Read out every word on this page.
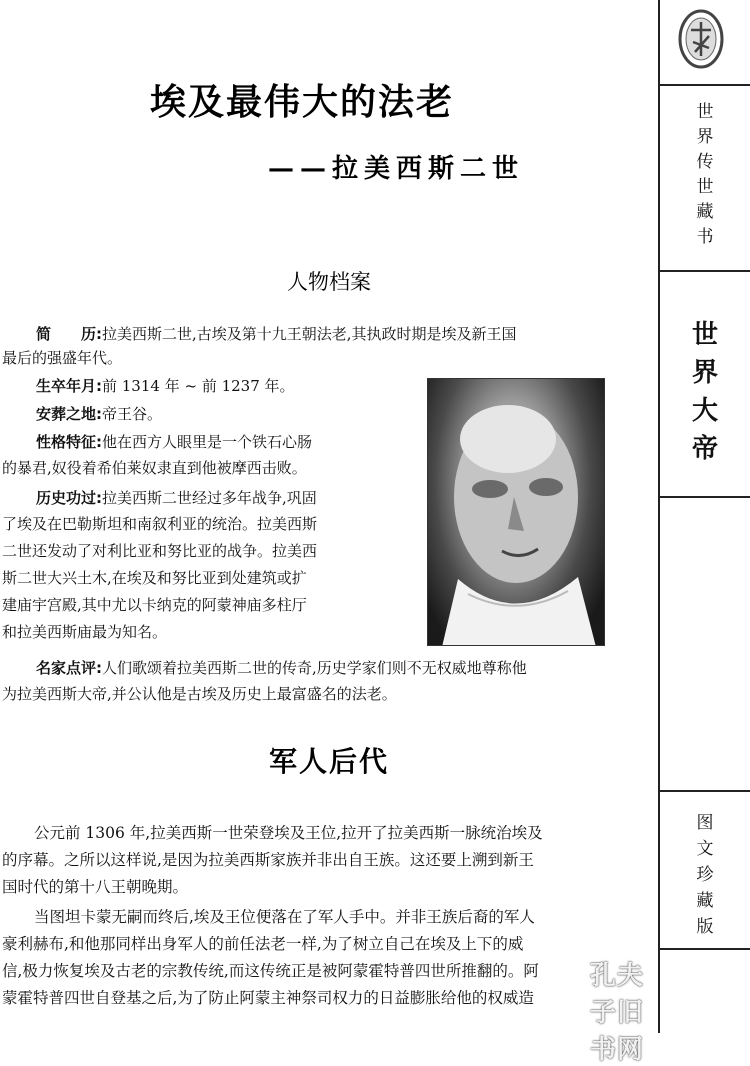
埃及最伟大的法老
——拉美西斯二世
人物档案
简　　历:拉美西斯二世,古埃及第十九王朝法老,其执政时期是埃及新王国
最后的强盛年代。
生卒年月:前 1314 年 ~ 前 1237 年。
安葬之地:帝王谷。
性格特征:他在西方人眼里是一个铁石心肠
的暴君,奴役着希伯莱奴隶直到他被摩西击败。
历史功过:拉美西斯二世经过多年战争,巩固
了埃及在巴勒斯坦和南叙利亚的统治。拉美西斯
二世还发动了对利比亚和努比亚的战争。拉美西
斯二世大兴土木,在埃及和努比亚到处建筑或扩
建庙宇宫殿,其中尤以卡纳克的阿蒙神庙多柱厅
和拉美西斯庙最为知名。
名家点评:人们歌颂着拉美西斯二世的传奇,历史学家们则不无权威地尊称他
为拉美西斯大帝,并公认他是古埃及历史上最富盛名的法老。
军人后代
公元前 1306 年,拉美西斯一世荣登埃及王位,拉开了拉美西斯一脉统治埃及
的序幕。之所以这样说,是因为拉美西斯家族并非出自王族。这还要上溯到新王
国时代的第十八王朝晚期。
当图坦卡蒙无嗣而终后,埃及王位便落在了军人手中。并非王族后裔的军人
豪利赫布,和他那同样出身军人的前任法老一样,为了树立自己在埃及上下的威
信,极力恢复埃及古老的宗教传统,而这传统正是被阿蒙霍特普四世所推翻的。阿
蒙霍特普四世自登基之后,为了防止阿蒙主神祭司权力的日益膨胀给他的权威造
孔夫子旧书网
世
界
传
世
藏
书
世
界
大
帝
图
文
珍
藏
版
